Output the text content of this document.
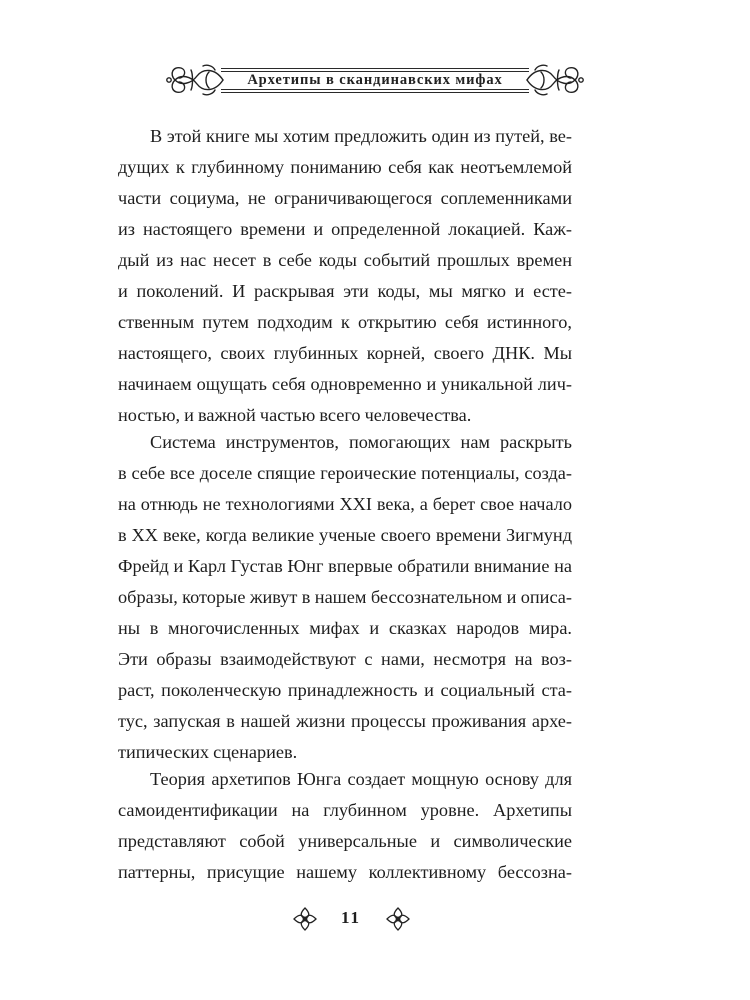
Архетипы в скандинавских мифах

В этой книге мы хотим предложить один из путей, ве-

дущих к глубинному пониманию себя как неотъемлемой

части социума, не ограничивающегося соплеменниками

из настоящего времени и определенной локацией. Каж-

дый из нас несет в себе коды событий прошлых времен

и поколений. И раскрывая эти коды, мы мягко и есте-

ственным путем подходим к открытию себя истинного,

настоящего, своих глубинных корней, своего ДНК. Мы

начинаем ощущать себя одновременно и уникальной лич-

ностью, и важной частью всего человечества.

Система инструментов, помогающих нам раскрыть

в себе все доселе спящие героические потенциалы, созда-

на отнюдь не технологиями XXI века, а берет свое начало

в XX веке, когда великие ученые своего времени Зигмунд

Фрейд и Карл Густав Юнг впервые обратили внимание на

образы, которые живут в нашем бессознательном и описа-

ны в многочисленных мифах и сказках народов мира.

Эти образы взаимодействуют с нами, несмотря на воз-

раст, поколенческую принадлежность и социальный ста-

тус, запуская в нашей жизни процессы проживания архе-

типических сценариев.

Теория архетипов Юнга создает мощную основу для

самоидентификации на глубинном уровне. Архетипы

представляют собой универсальные и символические

паттерны, присущие нашему коллективному бессозна-

11
